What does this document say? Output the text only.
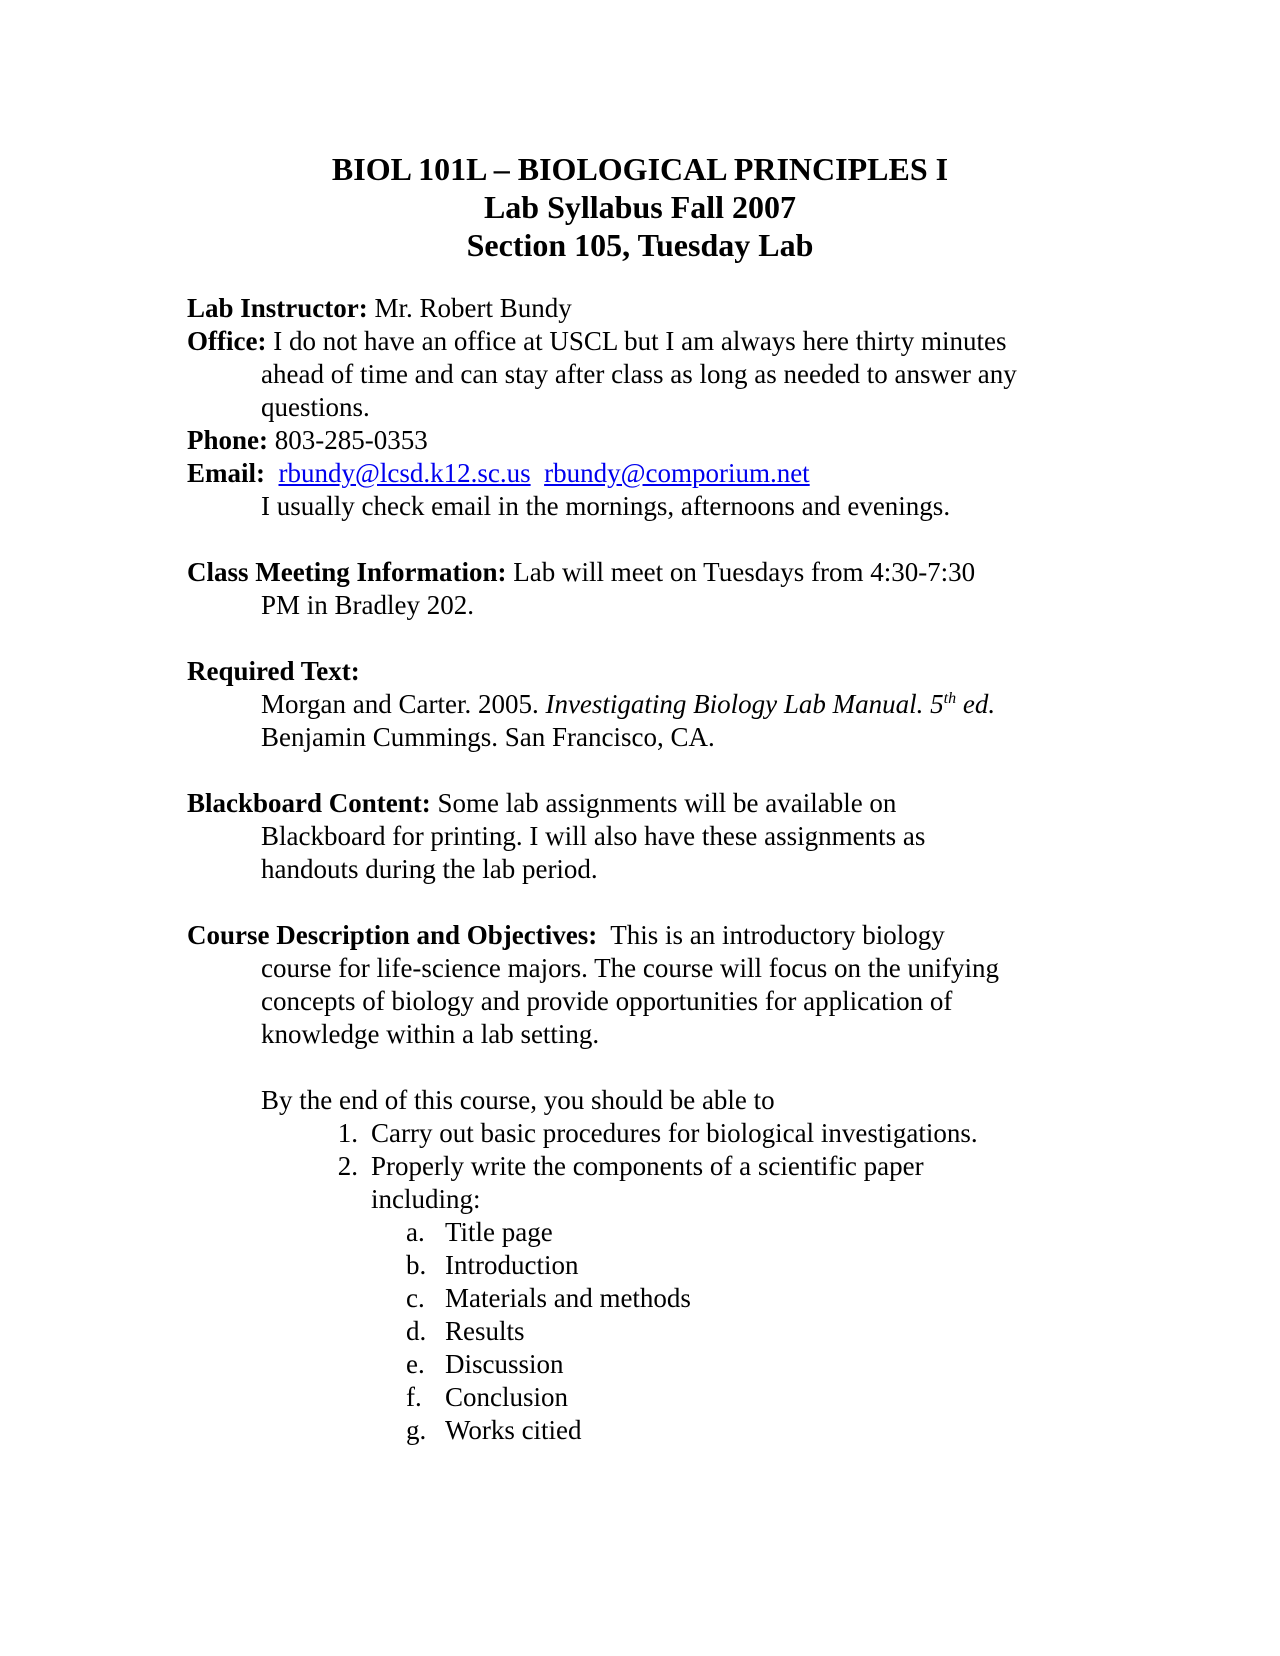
BIOL 101L – BIOLOGICAL PRINCIPLES I
Lab Syllabus Fall 2007
Section 105, Tuesday Lab
Lab Instructor: Mr. Robert Bundy
Office: I do not have an office at USCL but I am always here thirty minutes
ahead of time and can stay after class as long as needed to answer any
questions.
Phone: 803-285-0353
Email: rbundy@lcsd.k12.sc.us rbundy@comporium.net
I usually check email in the mornings, afternoons and evenings.
Class Meeting Information: Lab will meet on Tuesdays from 4:30-7:30
PM in Bradley 202.
Required Text:
Morgan and Carter. 2005. Investigating Biology Lab Manual. 5th ed.
Benjamin Cummings. San Francisco, CA.
Blackboard Content: Some lab assignments will be available on
Blackboard for printing. I will also have these assignments as
handouts during the lab period.
Course Description and Objectives: This is an introductory biology
course for life-science majors. The course will focus on the unifying
concepts of biology and provide opportunities for application of
knowledge within a lab setting.
By the end of this course, you should be able to
1. Carry out basic procedures for biological investigations.
2. Properly write the components of a scientific paper
including:
a. Title page
b. Introduction
c. Materials and methods
d. Results
e. Discussion
f. Conclusion
g. Works citied
